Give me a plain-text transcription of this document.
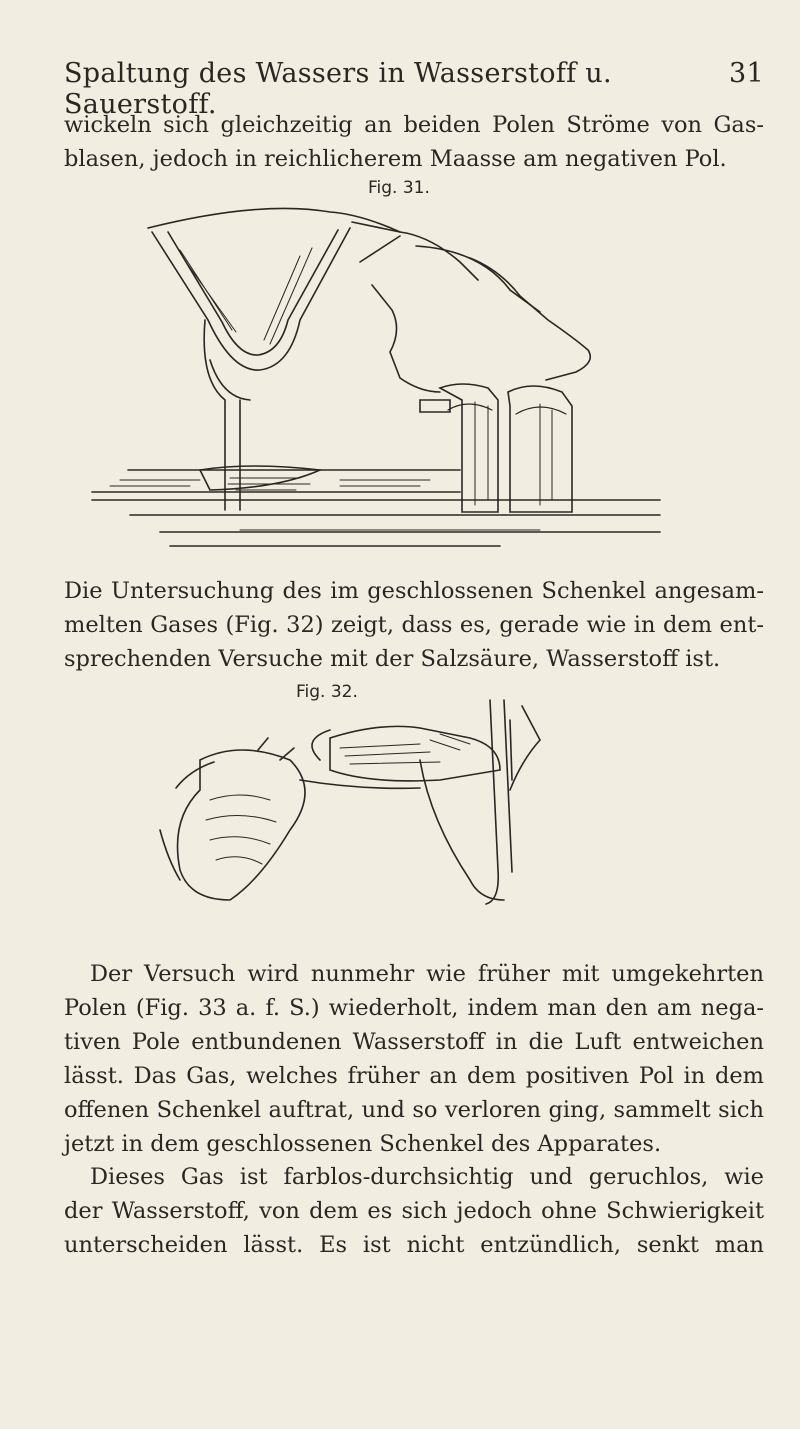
Spaltung des Wassers in Wasserstoff u. Sauerstoff.
31
wickeln sich gleichzeitig an beiden Polen Ströme von Gas-
blasen, jedoch in reichlicherem Maasse am negativen Pol.
Fig. 31.
Die Untersuchung des im geschlossenen Schenkel angesam-
melten Gases (Fig. 32) zeigt, dass es, gerade wie in dem ent-
sprechenden Versuche mit der Salzsäure, Wasserstoff ist.
Fig. 32.
Der Versuch wird nunmehr wie früher mit umgekehrten
Polen (Fig. 33 a. f. S.) wiederholt, indem man den am nega-
tiven Pole entbundenen Wasserstoff in die Luft entweichen
lässt. Das Gas, welches früher an dem positiven Pol in dem
offenen Schenkel auftrat, und so verloren ging, sammelt sich
jetzt in dem geschlossenen Schenkel des Apparates.
Dieses Gas ist farblos-durchsichtig und geruchlos, wie
der Wasserstoff, von dem es sich jedoch ohne Schwierigkeit
unterscheiden lässt. Es ist nicht entzündlich, senkt man
